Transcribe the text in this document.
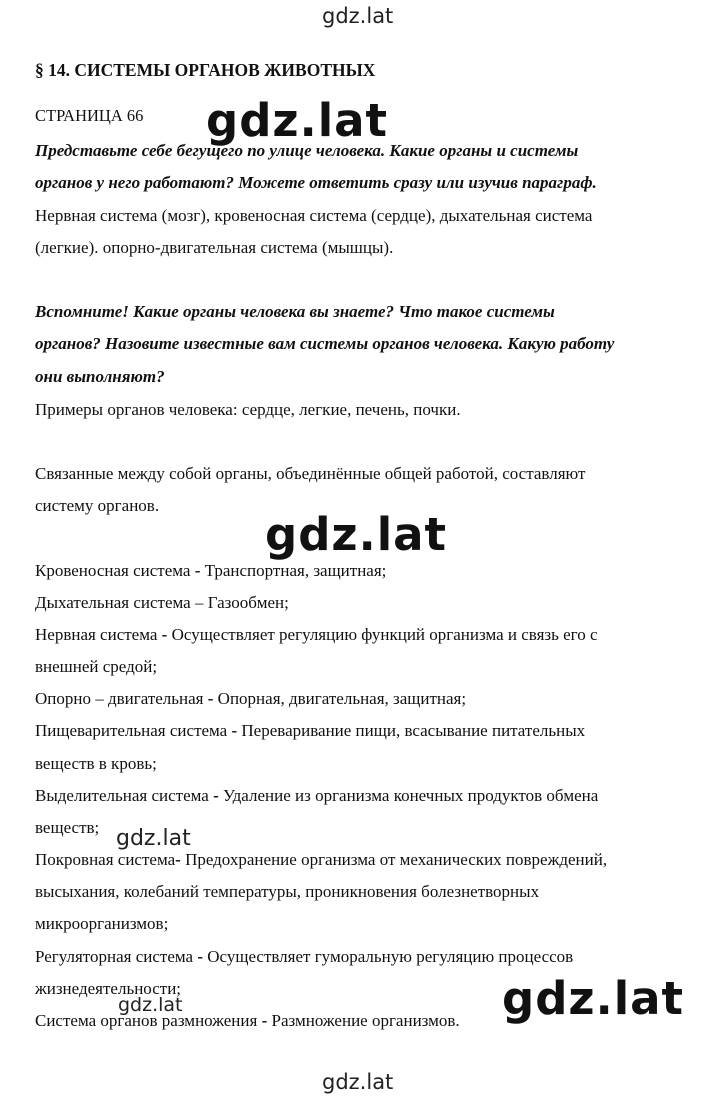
gdz.lat
gdz.lat
gdz.lat
gdz.lat
gdz.lat	gdz.lat
gdz.lat
§ 14. СИСТЕМЫ ОРГАНОВ ЖИВОТНЫХ
СТРАНИЦА 66
Представьте себе бегущего по улице человека. Какие органы и системы
органов у него работают? Можете ответить сразу или изучив параграф.
Нервная система (мозг), кровеносная система (сердце), дыхательная система
(легкие). опорно-двигательная система (мышцы).
Вспомните! Какие органы человека вы знаете? Что такое системы
органов? Назовите известные вам системы органов человека. Какую работу
они выполняют?
Примеры органов человека: сердце, легкие, печень, почки.
Связанные между собой органы, объединённые общей работой, составляют
систему органов.
Кровеносная система - Транспортная, защитная;
Дыхательная система – Газообмен;
Нервная система - Осуществляет регуляцию функций организма и связь его с
внешней средой;
Опорно – двигательная - Опорная, двигательная, защитная;
Пищеварительная система - Переваривание пищи, всасывание питательных
веществ в кровь;
Выделительная система - Удаление из организма конечных продуктов обмена
веществ;
Покровная система- Предохранение организма от механических повреждений,
высыхания, колебаний температуры, проникновения болезнетворных
микроорганизмов;
Регуляторная система - Осуществляет гуморальную регуляцию процессов
жизнедеятельности;
Система органов размножения - Размножение организмов.
